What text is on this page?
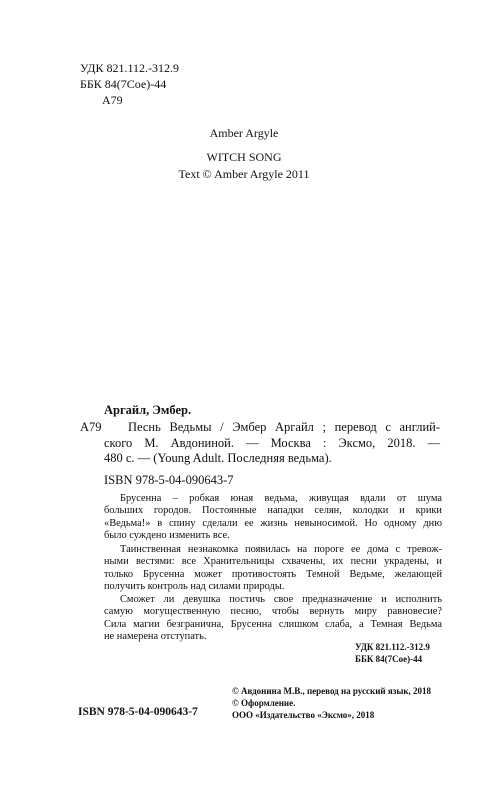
УДК 821.112.-312.9
ББК 84(7Сое)-44
А79
Amber Argyle
WITCH SONG
Text © Amber Argyle 2011
Аргайл, Эмбер.
А79	Песнь Ведьмы / Эмбер Аргайл ; перевод с англий-
ского М. Авдониной. — Москва : Эксмо, 2018. —
480 с. — (Young Adult. Последняя ведьма).
ISBN 978-5-04-090643-7
Брусенна – робкая юная ведьма, живущая вдали от шума
больших городов. Постоянные нападки селян, колодки и крики
«Ведьма!» в спину сделали ее жизнь невыносимой. Но одному дню
было суждено изменить все.
Таинственная незнакомка появилась на пороге ее дома с тревож-
ными вестями: все Хранительницы схвачены, их песни украдены, и
только Брусенна может противостоять Темной Ведьме, желающей
получить контроль над силами природы.
Сможет ли девушка постичь свое предназначение и исполнить
самую могущественную песню, чтобы вернуть миру равновесие?
Сила магии безгранична, Брусенна слишком слаба, а Темная Ведьма
не намерена отступать.
УДК 821.112.-312.9
ББК 84(7Сое)-44
© Авдонина М.В., перевод на русский язык, 2018
© Оформление.
ООО «Издательство «Эксмо», 2018
ISBN 978-5-04-090643-7
